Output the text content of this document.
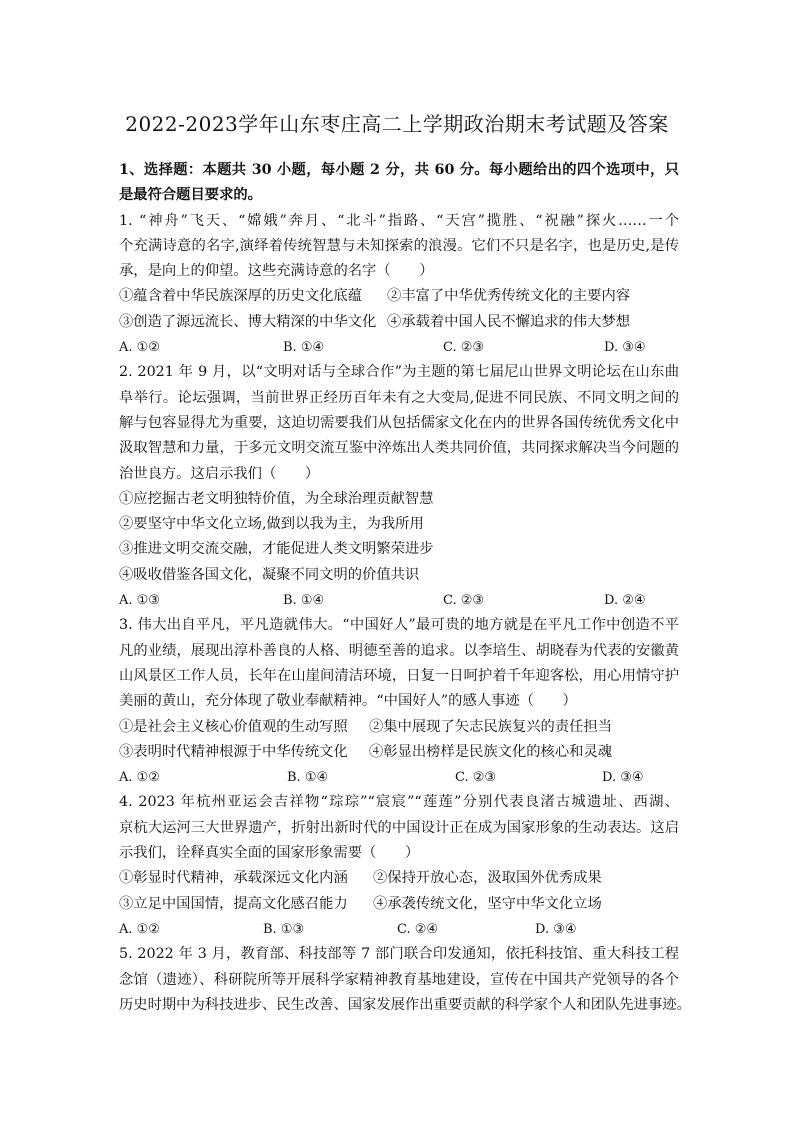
2022-2023学年山东枣庄高二上学期政治期末考试题及答案
1、选择题：本题共 30 小题，每小题 2 分，共 60 分。每小题给出的四个选项中，只
是最符合题目要求的。
1. “神舟”飞天、“嫦娥”奔月、“北斗”指路、“天宫”揽胜、“祝融”探火……一个
个充满诗意的名字,演绎着传统智慧与未知探索的浪漫。它们不只是名字，也是历史,是传
承，是向上的仰望。这些充满诗意的名字（　　）
①蕴含着中华民族深厚的历史文化底蕴 ②丰富了中华优秀传统文化的主要内容
③创造了源远流长、博大精深的中华文化 ④承载着中国人民不懈追求的伟大梦想
A. ①②	B. ①④	C. ②③	D. ③④
2. 2021 年 9 月，以“文明对话与全球合作”为主题的第七届尼山世界文明论坛在山东曲
阜举行。论坛强调，当前世界正经历百年未有之大变局,促进不同民族、不同文明之间的
解与包容显得尤为重要，这迫切需要我们从包括儒家文化在内的世界各国传统优秀文化中
汲取智慧和力量，于多元文明交流互鉴中淬炼出人类共同价值，共同探求解决当今问题的
治世良方。这启示我们（　　）
①应挖掘古老文明独特价值，为全球治理贡献智慧
②要坚守中华文化立场,做到以我为主，为我所用
③推进文明交流交融，才能促进人类文明繁荣进步
④吸收借鉴各国文化，凝聚不同文明的价值共识
A. ①③	B. ①④	C. ②③	D. ②④
3. 伟大出自平凡，平凡造就伟大。“中国好人”最可贵的地方就是在平凡工作中创造不平
凡的业绩，展现出淳朴善良的人格、明德至善的追求。以李培生、胡晓春为代表的安徽黄
山风景区工作人员，长年在山崖间清洁环境，日复一日呵护着千年迎客松，用心用情守护
美丽的黄山，充分体现了敬业奉献精神。“中国好人”的感人事迹（　　）
①是社会主义核心价值观的生动写照 ②集中展现了矢志民族复兴的责任担当
③表明时代精神根源于中华传统文化 ④彰显出榜样是民族文化的核心和灵魂
A. ①②	B. ①④	C. ②③	D. ③④
4. 2023 年杭州亚运会吉祥物“琮琮”“宸宸”“莲莲”分别代表良渚古城遗址、西湖、
京杭大运河三大世界遗产，折射出新时代的中国设计正在成为国家形象的生动表达。这启
示我们，诠释真实全面的国家形象需要（　　）
①彰显时代精神，承载深远文化内涵 ②保持开放心态，汲取国外优秀成果
③立足中国国情，提高文化感召能力 ④承袭传统文化，坚守中华文化立场
A. ①②	B. ①③	C. ②④	D. ③④
5. 2022 年 3 月，教育部、科技部等 7 部门联合印发通知，依托科技馆、重大科技工程
念馆（遗迹）、科研院所等开展科学家精神教育基地建设，宣传在中国共产党领导的各个
历史时期中为科技进步、民生改善、国家发展作出重要贡献的科学家个人和团队先进事迹。
